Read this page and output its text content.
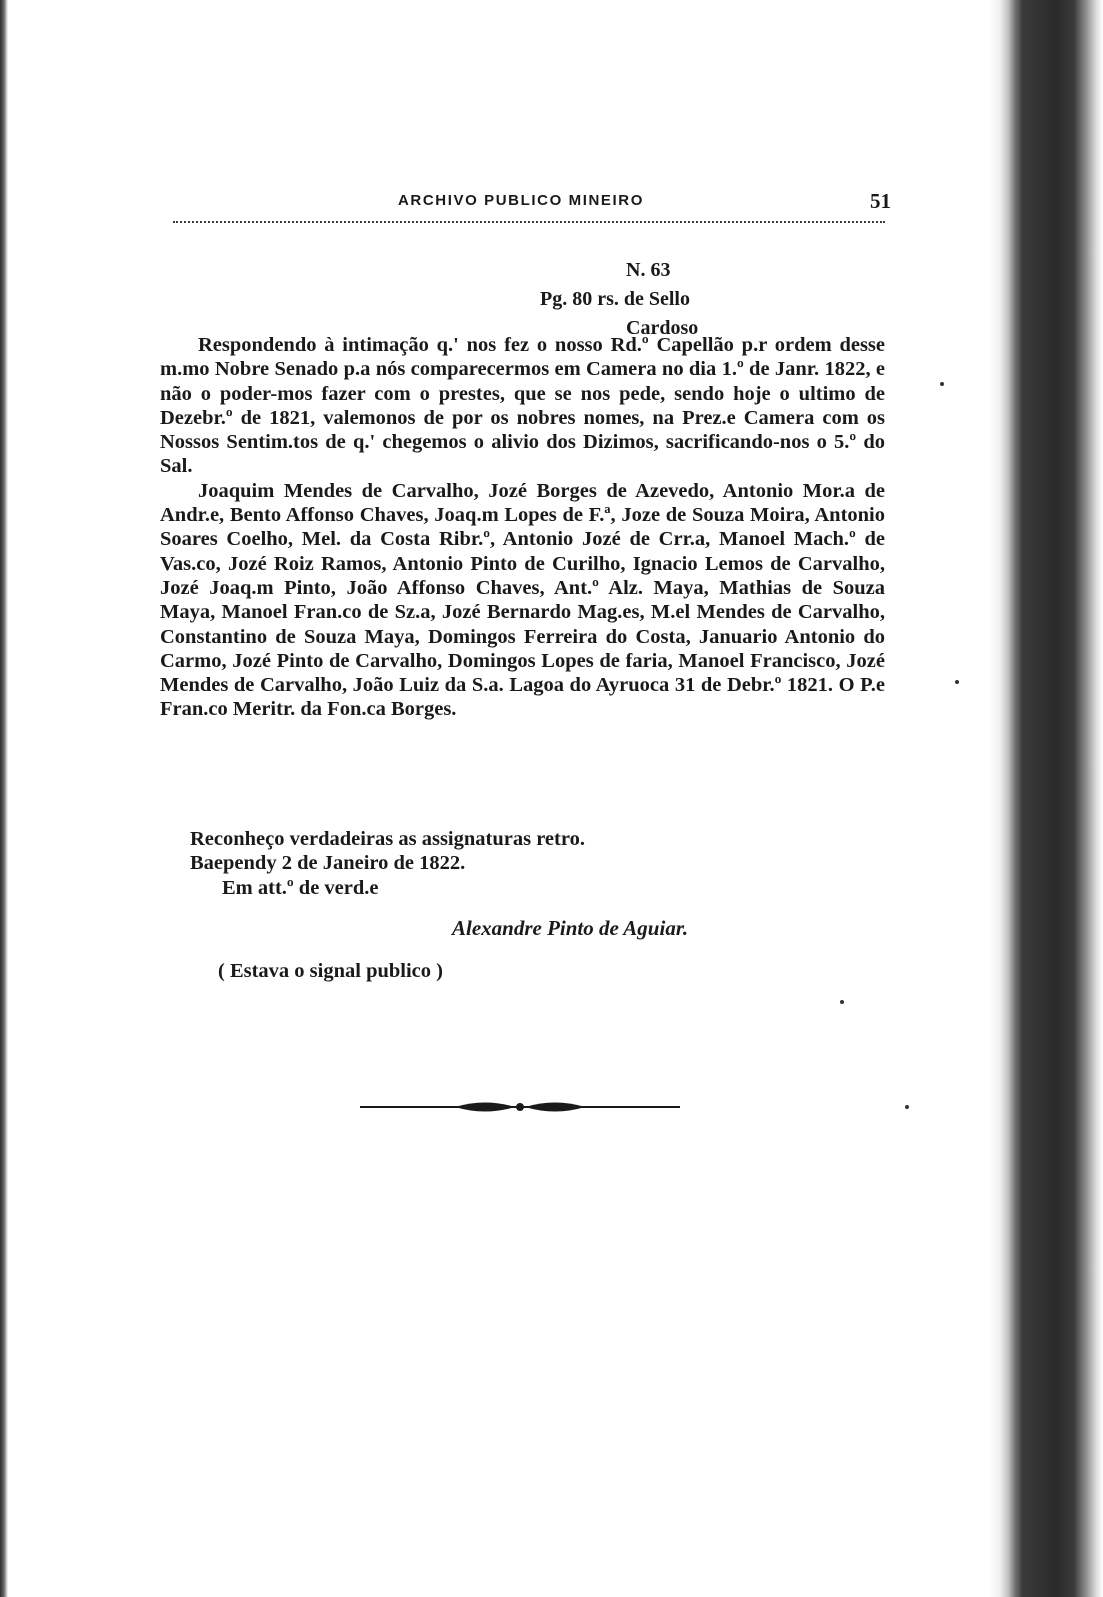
ARCHIVO PUBLICO MINEIRO	51
N. 63
Pg. 80 rs. de Sello
Cardoso

Respondendo à intimação q.' nos fez o nosso Rd.º Capellão p.r ordem desse m.mo Nobre Senado p.a nós comparecermos em Camera no dia 1.º de Janr. 1822, e não o poder-mos fazer com o prestes, que se nos pede, sendo hoje o ultimo de Dezebr.º de 1821, valemonos de por os nobres nomes, na Prez.e Camera com os Nossos Sentim.tos de q.' chegemos o alivio dos Dizimos, sacrificando-nos o 5.º do Sal.

Joaquim Mendes de Carvalho, Jozé Borges de Azevedo, Antonio Mor.a de Andr.e, Bento Affonso Chaves, Joaq.m Lopes de F.ª, Joze de Souza Moira, Antonio Soares Coelho, Mel. da Costa Ribr.º, Antonio Jozé de Crr.a, Manoel Mach.º de Vas.co, Jozé Roiz Ramos, Antonio Pinto de Curilho, Ignacio Lemos de Carvalho, Jozé Joaq.m Pinto, João Affonso Chaves, Ant.º Alz. Maya, Mathias de Souza Maya, Manoel Fran.co de Sz.a, Jozé Bernardo Mag.es, M.el Mendes de Carvalho, Constantino de Souza Maya, Domingos Ferreira do Costa, Januario Antonio do Carmo, Jozé Pinto de Carvalho, Domingos Lopes de faria, Manoel Francisco, Jozé Mendes de Carvalho, João Luiz da S.a. Lagoa do Ayruoca 31 de Debr.º 1821. O P.e Fran.co Meritr. da Fon.ca Borges.

Reconheço verdadeiras as assignaturas retro.
Baependy 2 de Janeiro de 1822.
Em att.º de verd.e
Alexandre Pinto de Aguiar.
( Estava o signal publico )
